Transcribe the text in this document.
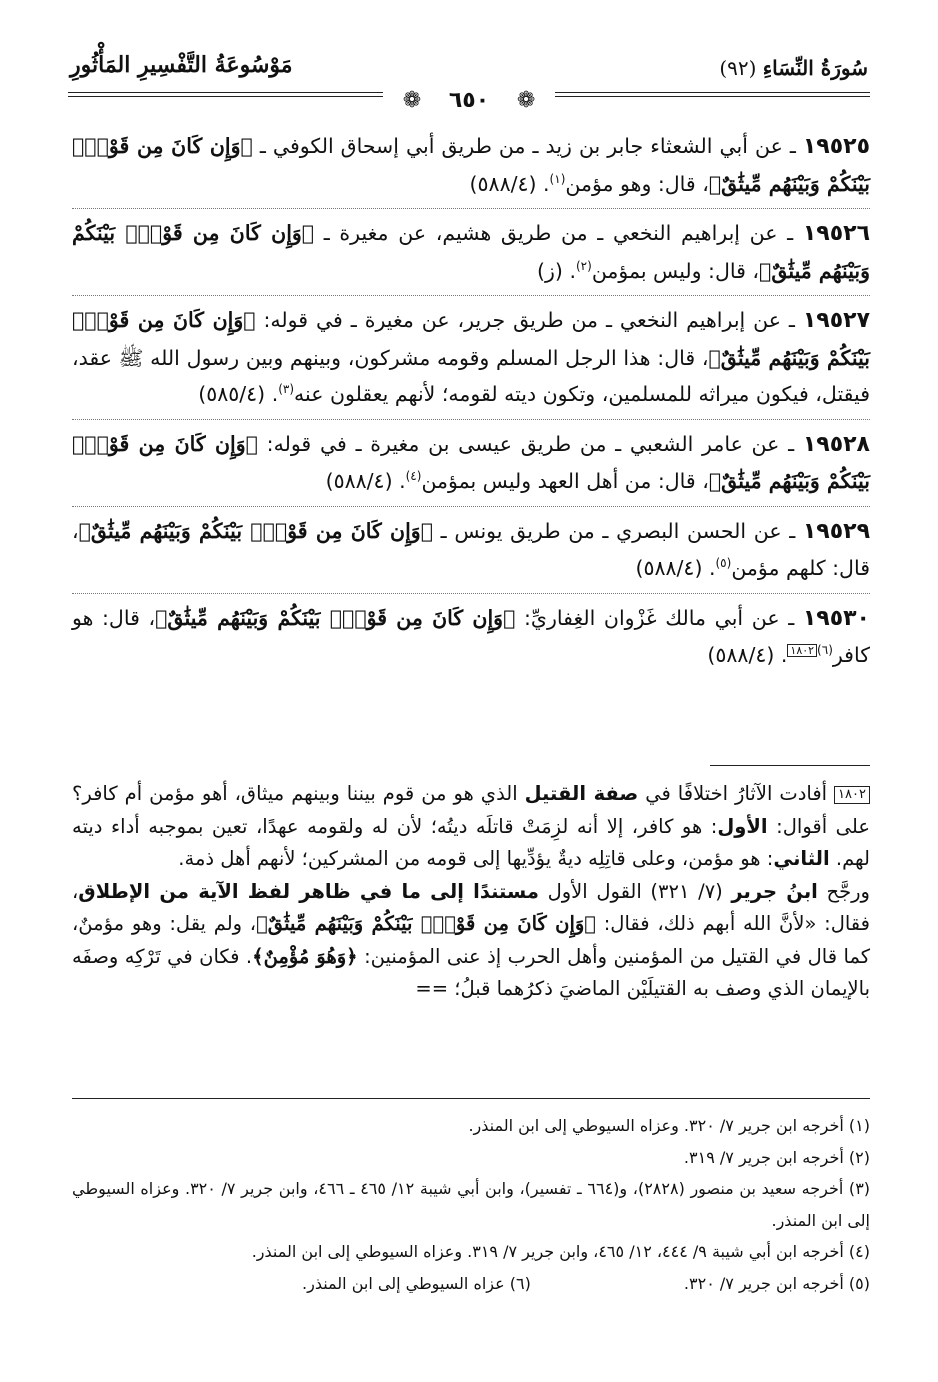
مَوْسُوعَةُ التَّفْسِيرِ المَأْثُورِ	سُورَةُ النِّسَاءِ (٩٢)
❁ ٦٥٠ ❁

١٩٥٢٥ ـ عن أبي الشعثاء جابر بن زيد ـ من طريق أبي إسحاق الكوفي ـ ﴿وَإِن كَانَ مِن قَوْمِۭ بَيْنَكُمْ وَبَيْنَهُم مِّيثَٰقٌ﴾، قال: وهو مؤمن$^{(١)}$. (٥٨٨/٤)

١٩٥٢٦ ـ عن إبراهيم النخعي ـ من طريق هشيم، عن مغيرة ـ ﴿وَإِن كَانَ مِن قَوْمِۭ بَيْنَكُمْ وَبَيْنَهُم مِّيثَٰقٌ﴾، قال: وليس بمؤمن$^{(٢)}$. (ز)

١٩٥٢٧ ـ عن إبراهيم النخعي ـ من طريق جرير، عن مغيرة ـ في قوله: ﴿وَإِن كَانَ مِن قَوْمِۭ بَيْنَكُمْ وَبَيْنَهُم مِّيثَٰقٌ﴾، قال: هذا الرجل المسلم وقومه مشركون، وبينهم وبين رسول الله ﷺ عقد، فيقتل، فيكون ميراثه للمسلمين، وتكون ديته لقومه؛ لأنهم يعقلون عنه$^{(٣)}$. (٥٨٥/٤)

١٩٥٢٨ ـ عن عامر الشعبي ـ من طريق عيسى بن مغيرة ـ في قوله: ﴿وَإِن كَانَ مِن قَوْمِۭ بَيْنَكُمْ وَبَيْنَهُم مِّيثَٰقٌ﴾، قال: من أهل العهد وليس بمؤمن$^{(٤)}$. (٥٨٨/٤)

١٩٥٢٩ ـ عن الحسن البصري ـ من طريق يونس ـ ﴿وَإِن كَانَ مِن قَوْمِۭ بَيْنَكُمْ وَبَيْنَهُم مِّيثَٰقٌ﴾، قال: كلهم مؤمن$^{(٥)}$. (٥٨٨/٤)

١٩٥٣٠ ـ عن أبي مالك غَزْوان الغِفاريِّ: ﴿وَإِن كَانَ مِن قَوْمِۭ بَيْنَكُمْ وَبَيْنَهُم مِّيثَٰقٌ﴾، قال: هو كافر$^{(٦)}$١٨٠٢. (٥٨٨/٤)

١٨٠٢ أفادت الآثارُ اختلافًا في صفة القتيل الذي هو من قوم بيننا وبينهم ميثاق، أهو مؤمن أم كافر؟ على أقوال: الأول: هو كافر، إلا أنه لزِمَتْ قاتلَه ديتُه؛ لأن له ولقومه عهدًا، تعين بموجبه أداء ديته لهم. الثاني: هو مؤمن، وعلى قاتِلِه ديةٌ يؤدِّيها إلى قومه من المشركين؛ لأنهم أهل ذمة.

ورجَّح ابنُ جرير (٧/ ٣٢١) القول الأول مستندًا إلى ما في ظاهر لفظ الآية من الإطلاق، فقال: «لأنَّ الله أبهم ذلك، فقال: ﴿وَإِن كَانَ مِن قَوْمِۭ بَيْنَكُمْ وَبَيْنَهُم مِّيثَٰقٌ﴾، ولم يقل: وهو مؤمنٌ، كما قال في القتيل من المؤمنين وأهل الحرب إذ عنى المؤمنين: ﴿وَهُوَ مُؤْمِنٌ﴾. فكان في تَرْكِه وصفَه بالإيمان الذي وصف به القتيلَيْن الماضيَ ذكرُهما قبلُ؛ ==

(١) أخرجه ابن جرير ٧/ ٣٢٠. وعزاه السيوطي إلى ابن المنذر.

(٢) أخرجه ابن جرير ٧/ ٣١٩.

(٣) أخرجه سعيد بن منصور (٢٨٢٨)، و(٦٦٤ ـ تفسير)، وابن أبي شيبة ١٢/ ٤٦٥ ـ ٤٦٦، وابن جرير ٧/ ٣٢٠. وعزاه السيوطي إلى ابن المنذر.

(٤) أخرجه ابن أبي شيبة ٩/ ٤٤٤، ١٢/ ٤٦٥، وابن جرير ٧/ ٣١٩. وعزاه السيوطي إلى ابن المنذر.

(٥) أخرجه ابن جرير ٧/ ٣٢٠.
(٦) عزاه السيوطي إلى ابن المنذر.
